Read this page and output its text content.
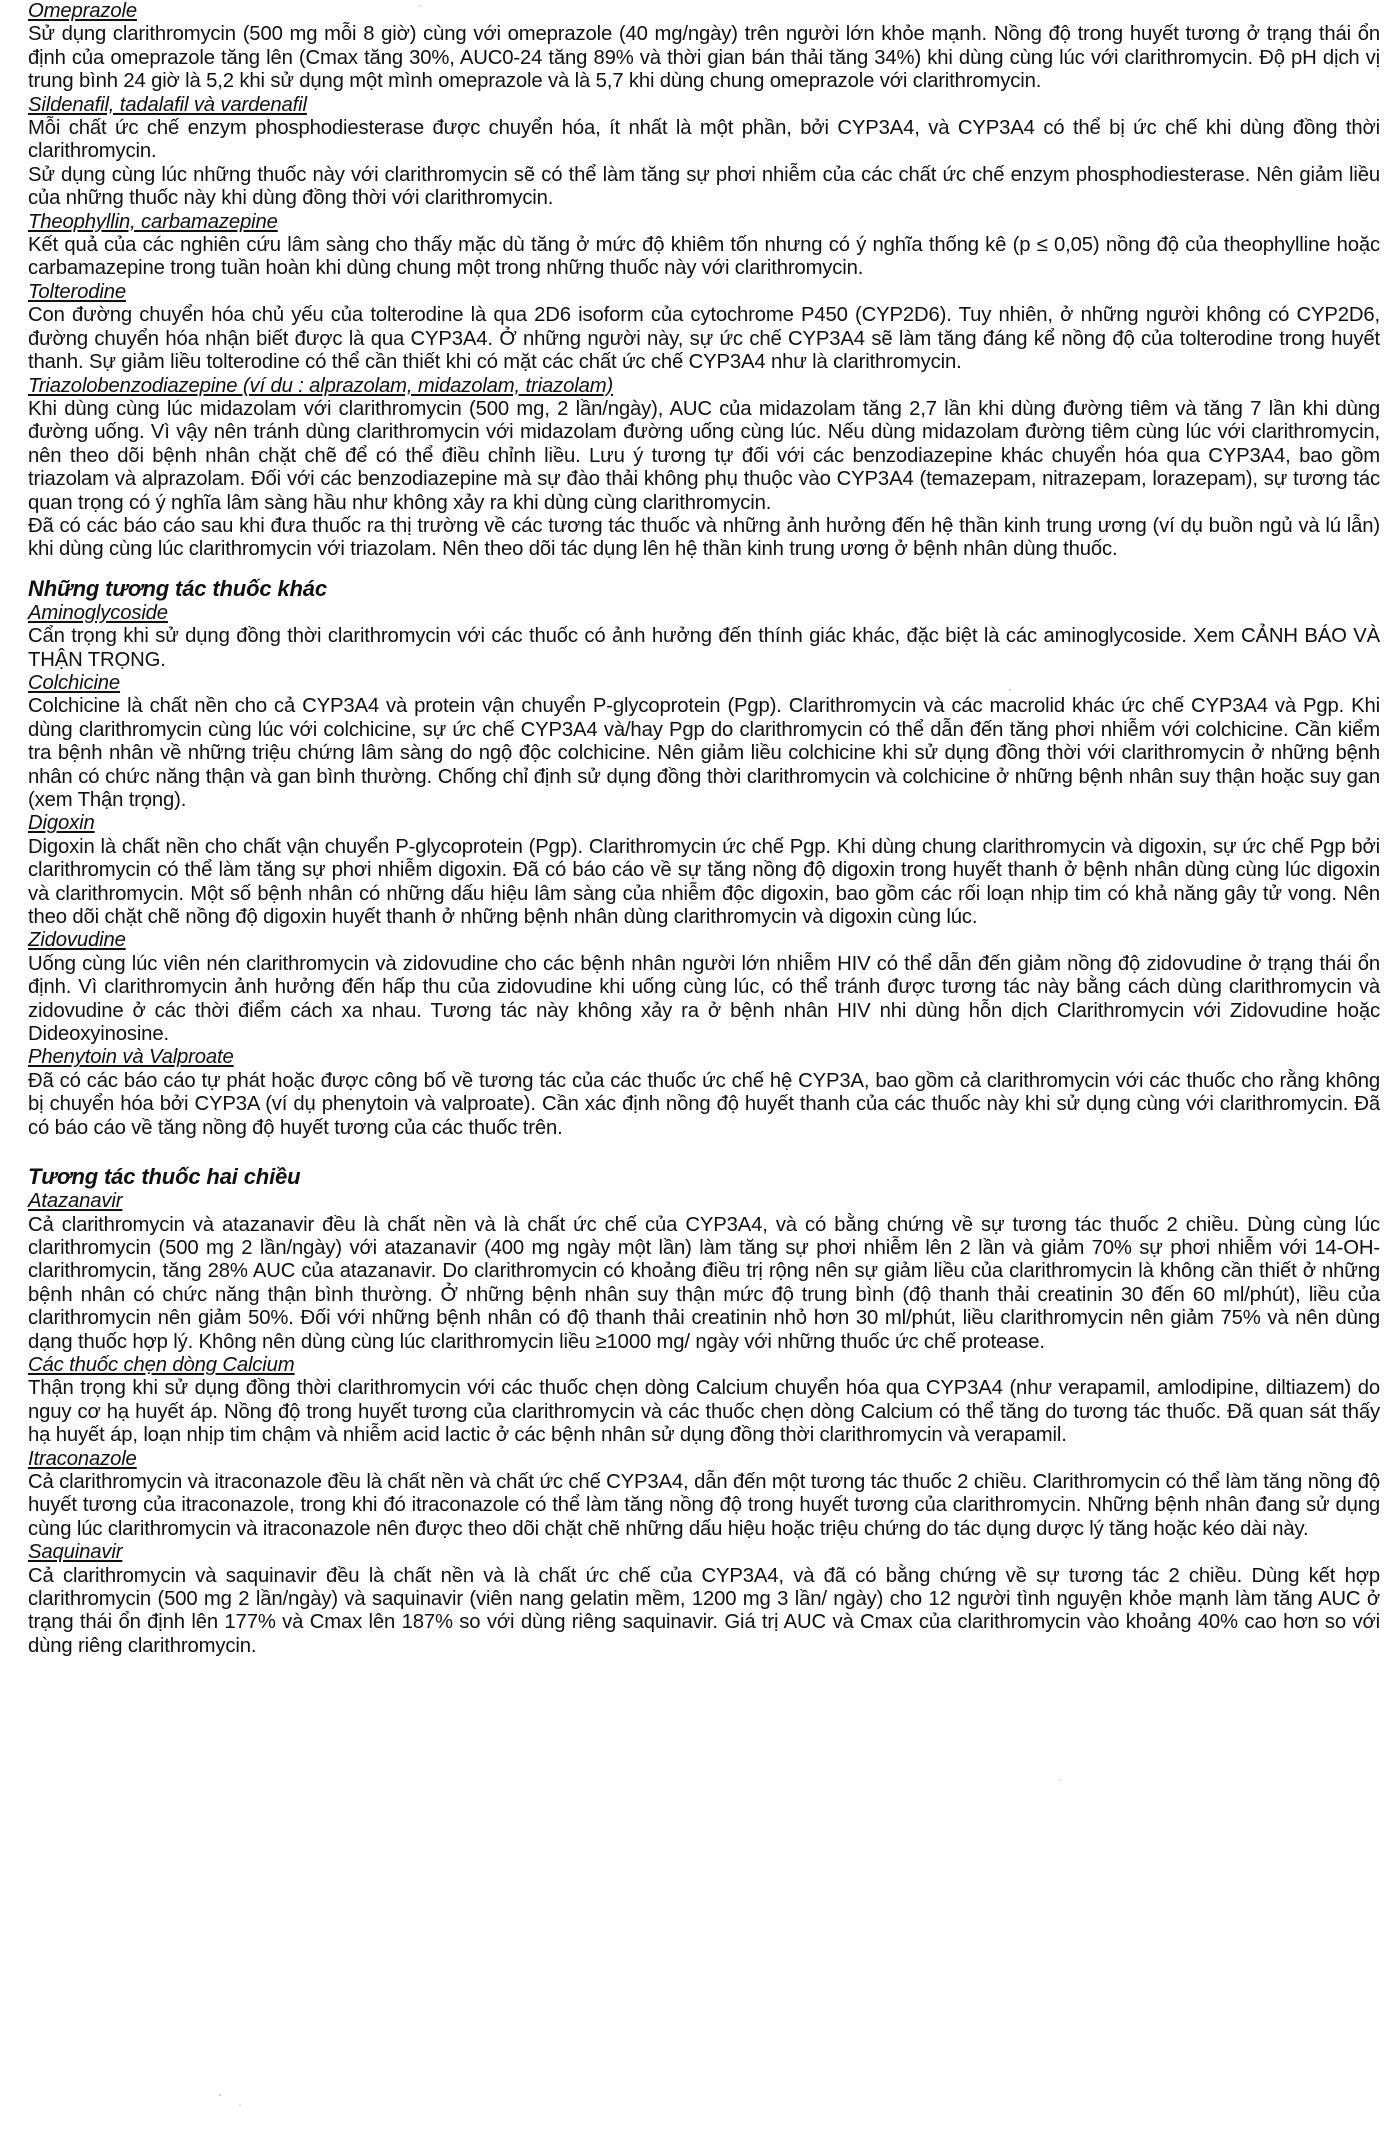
Omeprazole

Sử dụng clarithromycin (500 mg mỗi 8 giờ) cùng với omeprazole (40 mg/ngày) trên người lớn khỏe mạnh. Nồng độ trong huyết tương ở trạng thái ổn định của omeprazole tăng lên (Cmax tăng 30%, AUC0-24 tăng 89% và thời gian bán thải tăng 34%) khi dùng cùng lúc với clarithromycin. Độ pH dịch vị trung bình 24 giờ là 5,2 khi sử dụng một mình omeprazole và là 5,7 khi dùng chung omeprazole với clarithromycin.

Sildenafil, tadalafil và vardenafil

Mỗi chất ức chế enzym phosphodiesterase được chuyển hóa, ít nhất là một phần, bởi CYP3A4, và CYP3A4 có thể bị ức chế khi dùng đồng thời clarithromycin.

Sử dụng cùng lúc những thuốc này với clarithromycin sẽ có thể làm tăng sự phơi nhiễm của các chất ức chế enzym phosphodiesterase. Nên giảm liều của những thuốc này khi dùng đồng thời với clarithromycin.

Theophyllin, carbamazepine

Kết quả của các nghiên cứu lâm sàng cho thấy mặc dù tăng ở mức độ khiêm tốn nhưng có ý nghĩa thống kê (p ≤ 0,05) nồng độ của theophylline hoặc carbamazepine trong tuần hoàn khi dùng chung một trong những thuốc này với clarithromycin.

Tolterodine

Con đường chuyển hóa chủ yếu của tolterodine là qua 2D6 isoform của cytochrome P450 (CYP2D6). Tuy nhiên, ở những người không có CYP2D6, đường chuyển hóa nhận biết được là qua CYP3A4. Ở những người này, sự ức chế CYP3A4 sẽ làm tăng đáng kể nồng độ của tolterodine trong huyết thanh. Sự giảm liều tolterodine có thể cần thiết khi có mặt các chất ức chế CYP3A4 như là clarithromycin.

Triazolobenzodiazepine (ví du : alprazolam, midazolam, triazolam)

Khi dùng cùng lúc midazolam với clarithromycin (500 mg, 2 lần/ngày), AUC của midazolam tăng 2,7 lần khi dùng đường tiêm và tăng 7 lần khi dùng đường uống. Vì vậy nên tránh dùng clarithromycin với midazolam đường uống cùng lúc. Nếu dùng midazolam đường tiêm cùng lúc với clarithromycin, nên theo dõi bệnh nhân chặt chẽ để có thể điều chỉnh liều. Lưu ý tương tự đối với các benzodiazepine khác chuyển hóa qua CYP3A4, bao gồm triazolam và alprazolam. Đối với các benzodiazepine mà sự đào thải không phụ thuộc vào CYP3A4 (temazepam, nitrazepam, lorazepam), sự tương tác quan trọng có ý nghĩa lâm sàng hầu như không xảy ra khi dùng cùng clarithromycin.

Đã có các báo cáo sau khi đưa thuốc ra thị trường về các tương tác thuốc và những ảnh hưởng đến hệ thần kinh trung ương (ví dụ buồn ngủ và lú lẫn) khi dùng cùng lúc clarithromycin với triazolam. Nên theo dõi tác dụng lên hệ thần kinh trung ương ở bệnh nhân dùng thuốc.

Những tương tác thuốc khác

Aminoglycoside

Cẩn trọng khi sử dụng đồng thời clarithromycin với các thuốc có ảnh hưởng đến thính giác khác, đặc biệt là các aminoglycoside. Xem CẢNH BÁO VÀ THẬN TRỌNG.

Colchicine

Colchicine là chất nền cho cả CYP3A4 và protein vận chuyển P-glycoprotein (Pgp). Clarithromycin và các macrolid khác ức chế CYP3A4 và Pgp. Khi dùng clarithromycin cùng lúc với colchicine, sự ức chế CYP3A4 và/hay Pgp do clarithromycin có thể dẫn đến tăng phơi nhiễm với colchicine. Cần kiểm tra bệnh nhân về những triệu chứng lâm sàng do ngộ độc colchicine. Nên giảm liều colchicine khi sử dụng đồng thời với clarithromycin ở những bệnh nhân có chức năng thận và gan bình thường. Chống chỉ định sử dụng đồng thời clarithromycin và colchicine ở những bệnh nhân suy thận hoặc suy gan (xem Thận trọng).

Digoxin

Digoxin là chất nền cho chất vận chuyển P-glycoprotein (Pgp). Clarithromycin ức chế Pgp. Khi dùng chung clarithromycin và digoxin, sự ức chế Pgp bởi clarithromycin có thể làm tăng sự phơi nhiễm digoxin. Đã có báo cáo về sự tăng nồng độ digoxin trong huyết thanh ở bệnh nhân dùng cùng lúc digoxin và clarithromycin. Một số bệnh nhân có những dấu hiệu lâm sàng của nhiễm độc digoxin, bao gồm các rối loạn nhịp tim có khả năng gây tử vong. Nên theo dõi chặt chẽ nồng độ digoxin huyết thanh ở những bệnh nhân dùng clarithromycin và digoxin cùng lúc.

Zidovudine

Uống cùng lúc viên nén clarithromycin và zidovudine cho các bệnh nhân người lớn nhiễm HIV có thể dẫn đến giảm nồng độ zidovudine ở trạng thái ổn định. Vì clarithromycin ảnh hưởng đến hấp thu của zidovudine khi uống cùng lúc, có thể tránh được tương tác này bằng cách dùng clarithromycin và zidovudine ở các thời điểm cách xa nhau. Tương tác này không xảy ra ở bệnh nhân HIV nhi dùng hỗn dịch Clarithromycin với Zidovudine hoặc Dideoxyinosine.

Phenytoin và Valproate

Đã có các báo cáo tự phát hoặc được công bố về tương tác của các thuốc ức chế hệ CYP3A, bao gồm cả clarithromycin với các thuốc cho rằng không bị chuyển hóa bởi CYP3A (ví dụ phenytoin và valproate). Cần xác định nồng độ huyết thanh của các thuốc này khi sử dụng cùng với clarithromycin. Đã có báo cáo về tăng nồng độ huyết tương của các thuốc trên.

Tương tác thuốc hai chiều

Atazanavir

Cả clarithromycin và atazanavir đều là chất nền và là chất ức chế của CYP3A4, và có bằng chứng về sự tương tác thuốc 2 chiều. Dùng cùng lúc clarithromycin (500 mg 2 lần/ngày) với atazanavir (400 mg ngày một lần) làm tăng sự phơi nhiễm lên 2 lần và giảm 70% sự phơi nhiễm với 14-OH-clarithromycin, tăng 28% AUC của atazanavir. Do clarithromycin có khoảng điều trị rộng nên sự giảm liều của clarithromycin là không cần thiết ở những bệnh nhân có chức năng thận bình thường. Ở những bệnh nhân suy thận mức độ trung bình (độ thanh thải creatinin 30 đến 60 ml/phút), liều của clarithromycin nên giảm 50%. Đối với những bệnh nhân có độ thanh thải creatinin nhỏ hơn 30 ml/phút, liều clarithromycin nên giảm 75% và nên dùng dạng thuốc hợp lý. Không nên dùng cùng lúc clarithromycin liều ≥1000 mg/ ngày với những thuốc ức chế protease.

Các thuốc chẹn dòng Calcium

Thận trọng khi sử dụng đồng thời clarithromycin với các thuốc chẹn dòng Calcium chuyển hóa qua CYP3A4 (như verapamil, amlodipine, diltiazem) do nguy cơ hạ huyết áp. Nồng độ trong huyết tương của clarithromycin và các thuốc chẹn dòng Calcium có thể tăng do tương tác thuốc. Đã quan sát thấy hạ huyết áp, loạn nhịp tim chậm và nhiễm acid lactic ở các bệnh nhân sử dụng đồng thời clarithromycin và verapamil.

Itraconazole

Cả clarithromycin và itraconazole đều là chất nền và chất ức chế CYP3A4, dẫn đến một tương tác thuốc 2 chiều. Clarithromycin có thể làm tăng nồng độ huyết tương của itraconazole, trong khi đó itraconazole có thể làm tăng nồng độ trong huyết tương của clarithromycin. Những bệnh nhân đang sử dụng cùng lúc clarithromycin và itraconazole nên được theo dõi chặt chẽ những dấu hiệu hoặc triệu chứng do tác dụng dược lý tăng hoặc kéo dài này.

Saquinavir

Cả clarithromycin và saquinavir đều là chất nền và là chất ức chế của CYP3A4, và đã có bằng chứng về sự tương tác 2 chiều. Dùng kết hợp clarithromycin (500 mg 2 lần/ngày) và saquinavir (viên nang gelatin mềm, 1200 mg 3 lần/ ngày) cho 12 người tình nguyện khỏe mạnh làm tăng AUC ở trạng thái ổn định lên 177% và Cmax lên 187% so với dùng riêng saquinavir. Giá trị AUC và Cmax của clarithromycin vào khoảng 40% cao hơn so với dùng riêng clarithromycin.
